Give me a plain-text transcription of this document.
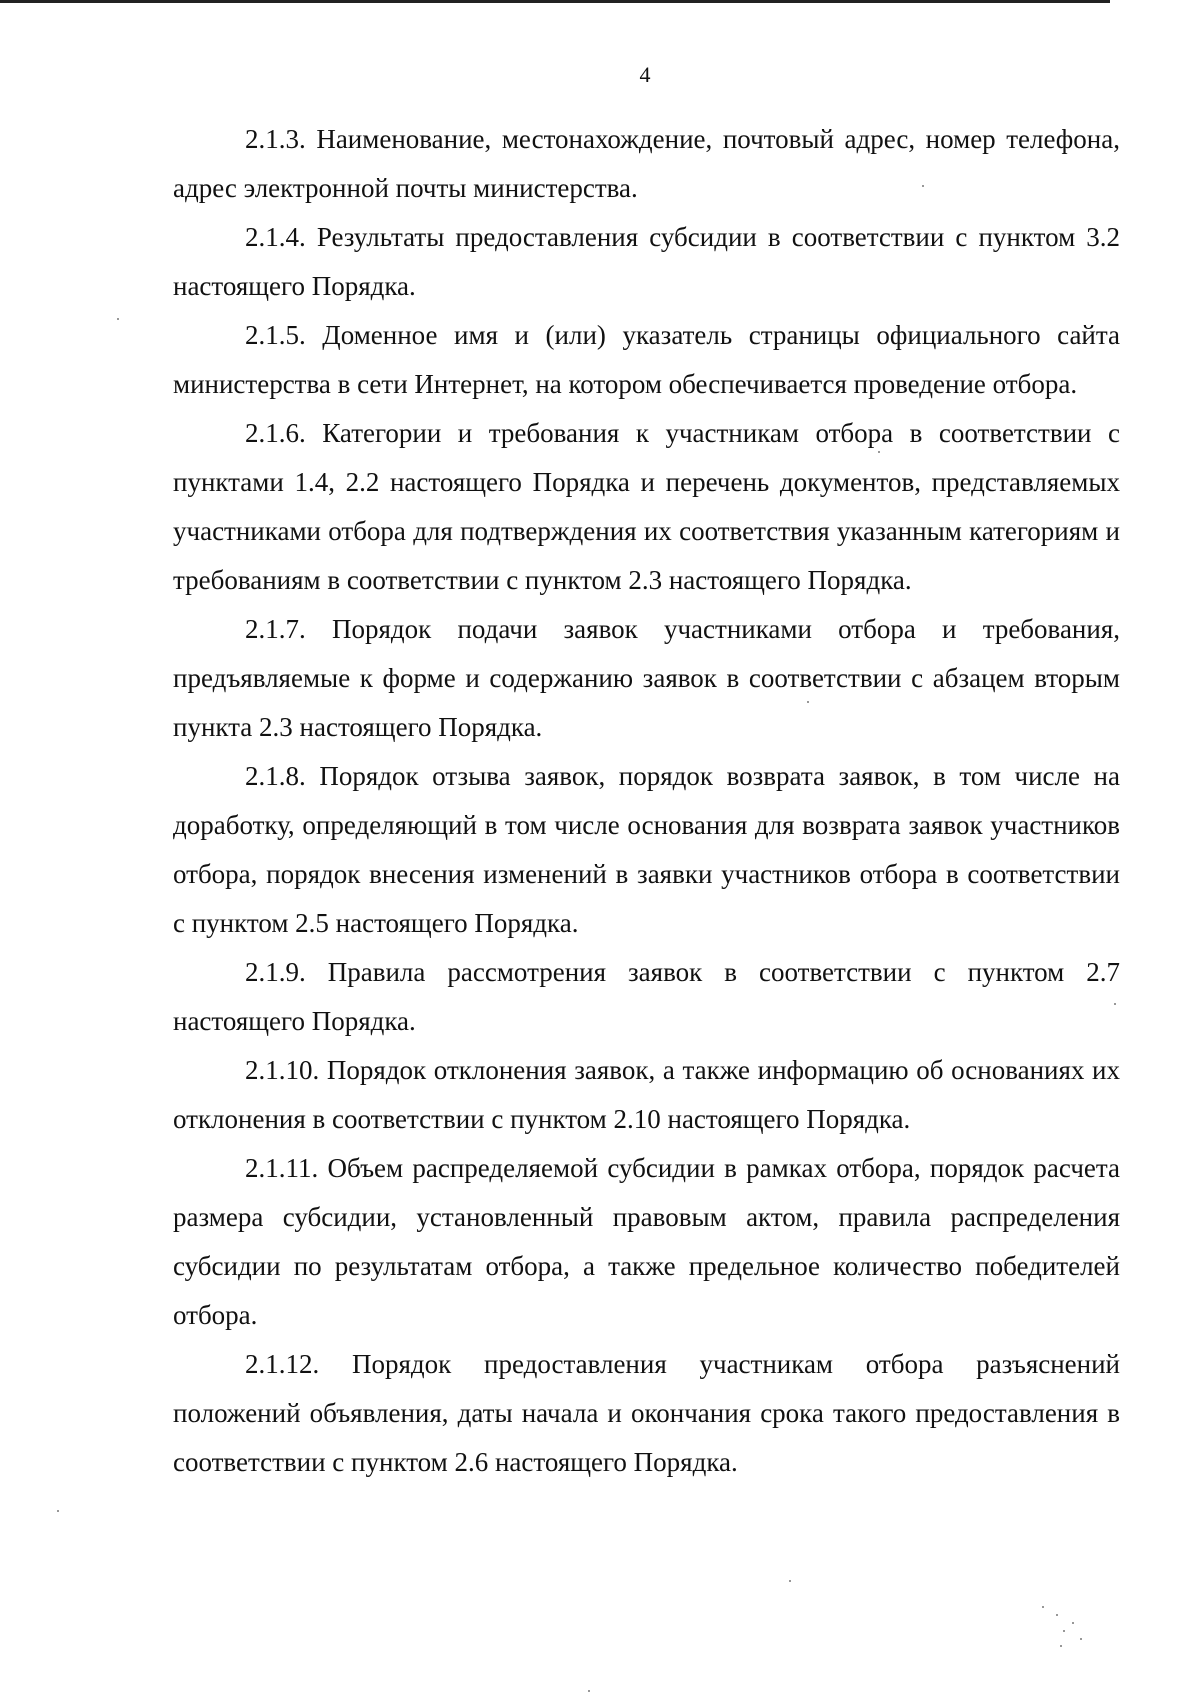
4

2.1.3. Наименование, местонахождение, почтовый адрес, номер телефона, адрес электронной почты министерства.

2.1.4. Результаты предоставления субсидии в соответствии с пунктом 3.2 настоящего Порядка.

2.1.5. Доменное имя и (или) указатель страницы официального сайта министерства в сети Интернет, на котором обеспечивается проведение отбора.

2.1.6. Категории и требования к участникам отбора в соответствии с пунктами 1.4, 2.2 настоящего Порядка и перечень документов, представляемых участниками отбора для подтверждения их соответствия указанным категориям и требованиям в соответствии с пунктом 2.3 настоящего Порядка.

2.1.7. Порядок подачи заявок участниками отбора и требования, предъявляемые к форме и содержанию заявок в соответствии с абзацем вторым пункта 2.3 настоящего Порядка.

2.1.8. Порядок отзыва заявок, порядок возврата заявок, в том числе на доработку, определяющий в том числе основания для возврата заявок участников отбора, порядок внесения изменений в заявки участников отбора в соответствии с пунктом 2.5 настоящего Порядка.

2.1.9. Правила рассмотрения заявок в соответствии с пунктом 2.7 настоящего Порядка.

2.1.10. Порядок отклонения заявок, а также информацию об основаниях их отклонения в соответствии с пунктом 2.10 настоящего Порядка.

2.1.11. Объем распределяемой субсидии в рамках отбора, порядок расчета размера субсидии, установленный правовым актом, правила распределения субсидии по результатам отбора, а также предельное количество победителей отбора.

2.1.12. Порядок предоставления участникам отбора разъяснений положений объявления, даты начала и окончания срока такого предоставления в соответствии с пунктом 2.6 настоящего Порядка.
